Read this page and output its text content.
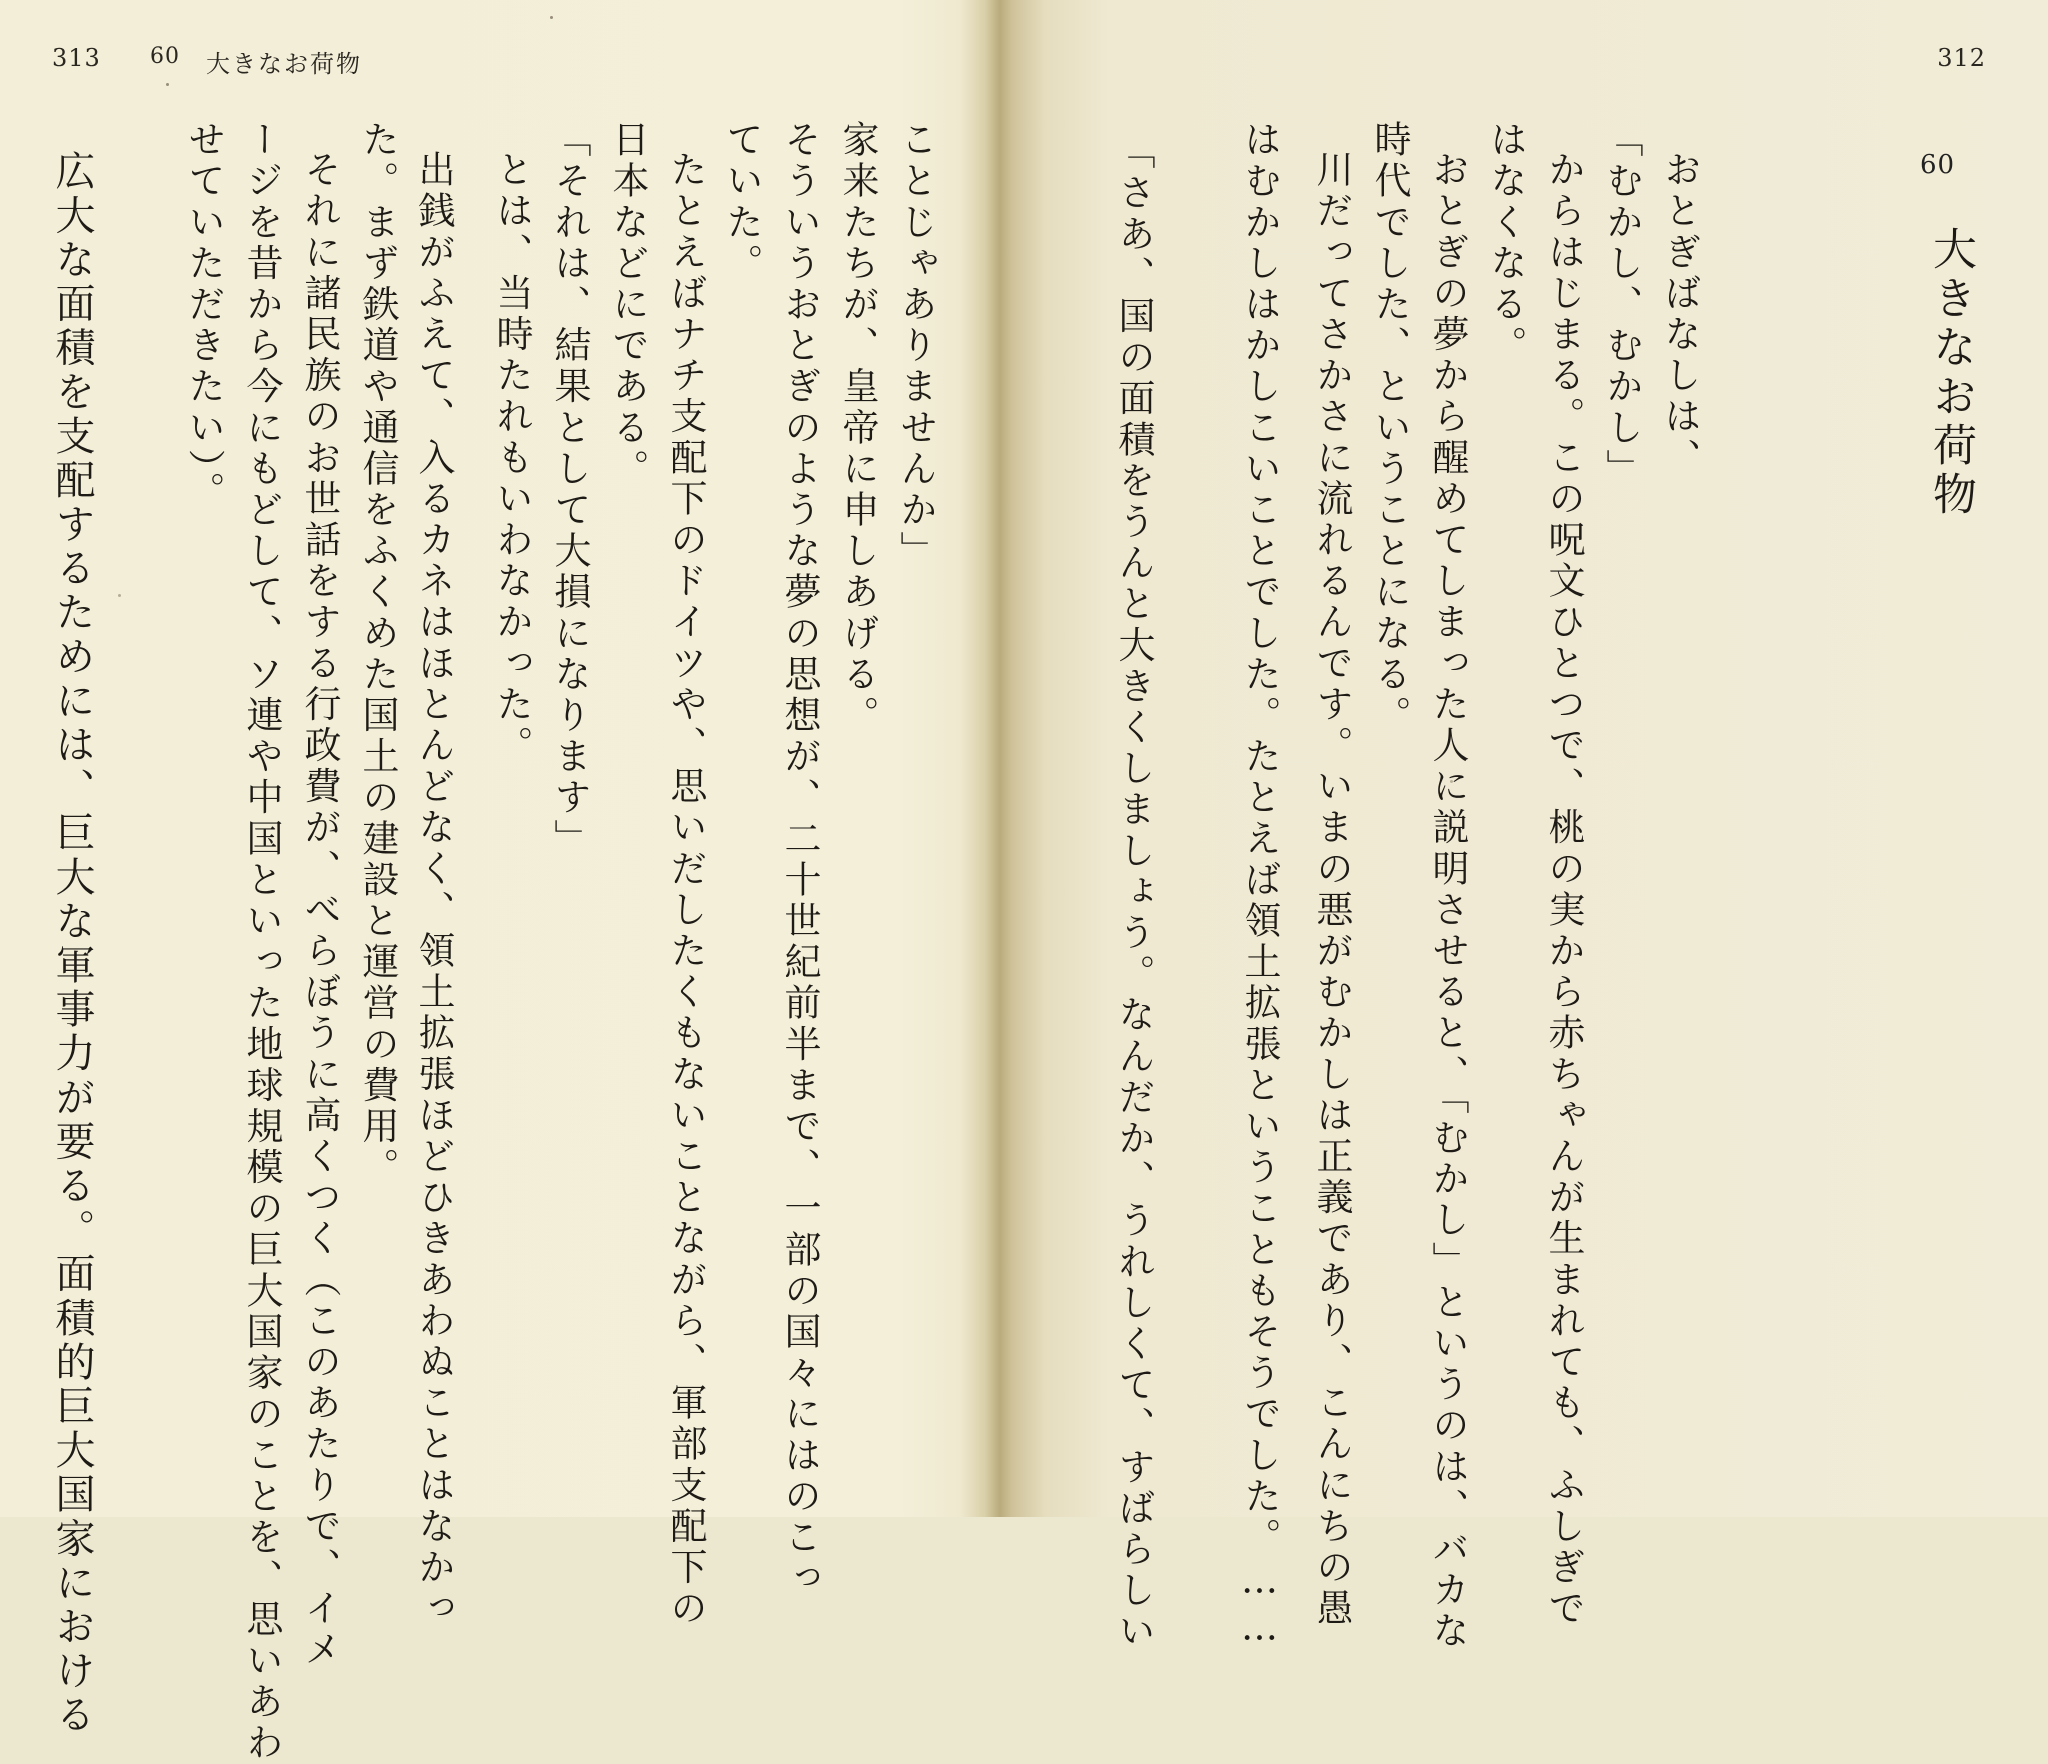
313 60 大きなお荷物
ことじゃありませんか」
家来たちが、皇帝に申しあげる。
そういうおとぎのような夢の思想が、二十世紀前半まで、一部の国々にはのこっ
ていた。
たとえばナチ支配下のドイツや、思いだしたくもないことながら、軍部支配下の
日本などにである。
「それは、結果として大損になります」
とは、当時たれもいわなかった。
出銭がふえて、入るカネはほとんどなく、領土拡張ほどひきあわぬことはなかっ
た。まず鉄道や通信をふくめた国土の建設と運営の費用。
それに諸民族のお世話をする行政費が、べらぼうに高くつく（このあたりで、イメ
ージを昔から今にもどして、ソ連や中国といった地球規模の巨大国家のことを、思いあわ
せていただきたい）。
広大な面積を支配するためには、巨大な軍事力が要る。面積的巨大国家における
312
60
大きなお荷物
おとぎばなしは、
「むかし、むかし」
からはじまる。この呪文ひとつで、桃の実から赤ちゃんが生まれても、ふしぎで
はなくなる。
おとぎの夢から醒めてしまった人に説明させると、「むかし」というのは、バカな
時代でした、ということになる。
川だってさかさに流れるんです。いまの悪がむかしは正義であり、こんにちの愚
はむかしはかしこいことでした。たとえば領土拡張ということもそうでした。……
「さあ、国の面積をうんと大きくしましょう。なんだか、うれしくて、すばらしい
